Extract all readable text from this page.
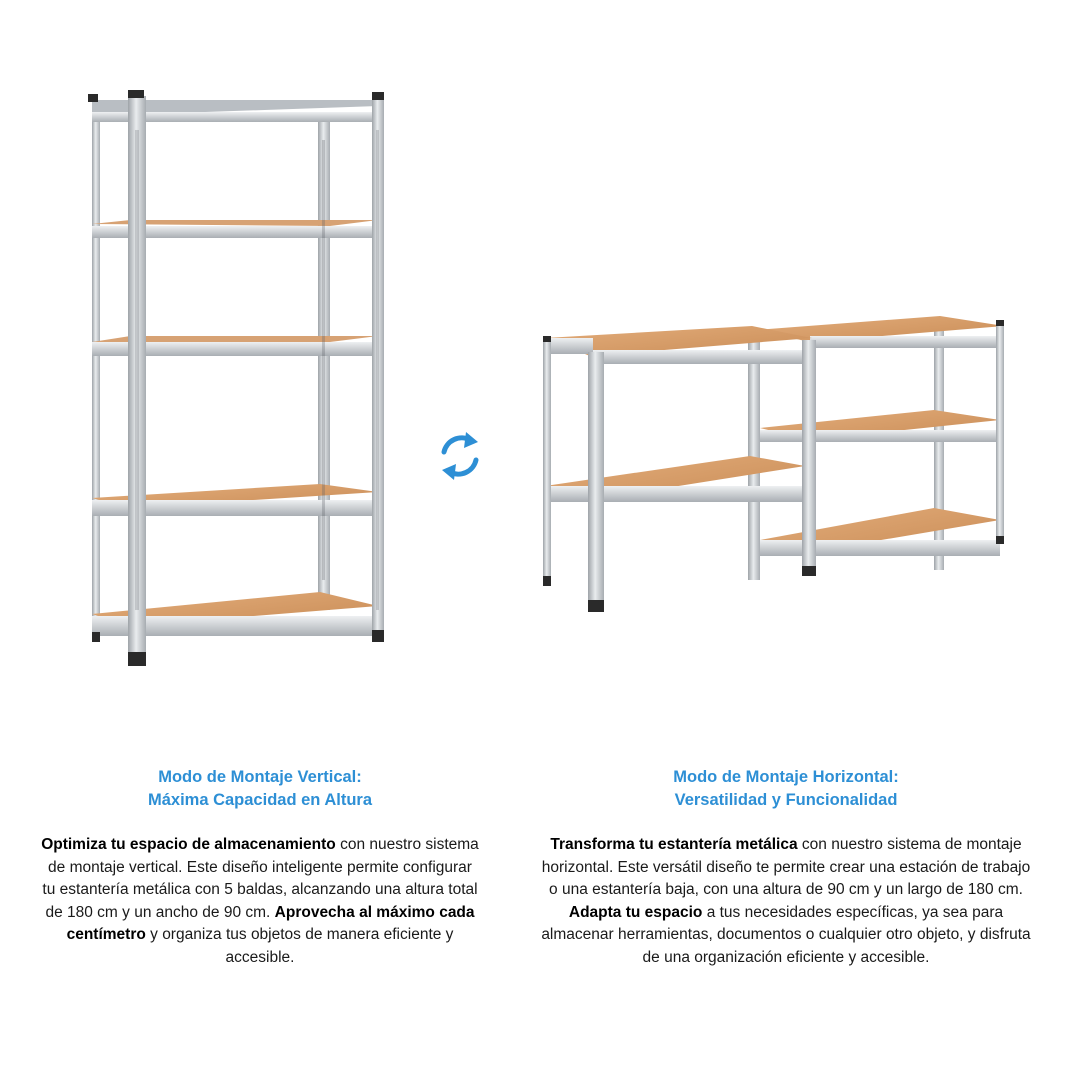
Modo de Montaje Vertical:
Máxima Capacidad en Altura
Optimiza tu espacio de almacenamiento con nuestro sistema de montaje vertical. Este diseño inteligente permite configurar tu estantería metálica con 5 baldas, alcanzando una altura total de 180 cm y un ancho de 90 cm. Aprovecha al máximo cada centímetro y organiza tus objetos de manera eficiente y accesible.
Modo de Montaje Horizontal:
Versatilidad y Funcionalidad
Transforma tu estantería metálica con nuestro sistema de montaje horizontal. Este versátil diseño te permite crear una estación de trabajo o una estantería baja, con una altura de 90 cm y un largo de 180 cm. Adapta tu espacio a tus necesidades específicas, ya sea para almacenar herramientas, documentos o cualquier otro objeto, y disfruta de una organización eficiente y accesible.
